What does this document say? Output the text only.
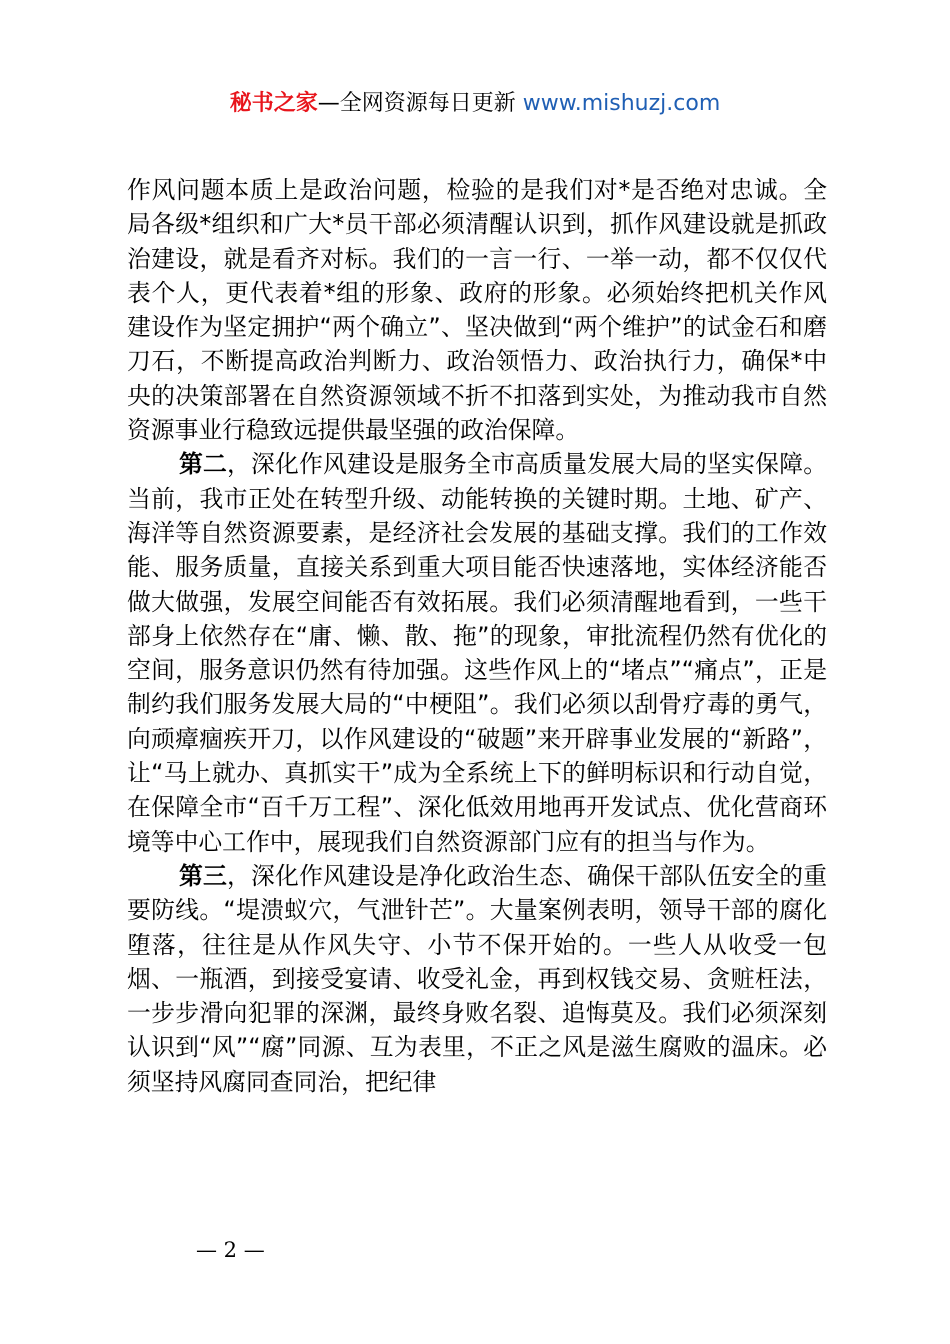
秘书之家—全网资源每日更新 www.mishuzj.com

作风问题本质上是政治问题，检验的是我们对*是否绝对忠诚。全局各级*组织和广大*员干部必须清醒认识到，抓作风建设就是抓政治建设，就是看齐对标。我们的一言一行、一举一动，都不仅仅代表个人，更代表着*组的形象、政府的形象。必须始终把机关作风建设作为坚定拥护“两个确立”、坚决做到“两个维护”的试金石和磨刀石，不断提高政治判断力、政治领悟力、政治执行力，确保*中央的决策部署在自然资源领域不折不扣落到实处，为推动我市自然资源事业行稳致远提供最坚强的政治保障。

第二，深化作风建设是服务全市高质量发展大局的坚实保障。当前，我市正处在转型升级、动能转换的关键时期。土地、矿产、海洋等自然资源要素，是经济社会发展的基础支撑。我们的工作效能、服务质量，直接关系到重大项目能否快速落地，实体经济能否做大做强，发展空间能否有效拓展。我们必须清醒地看到，一些干部身上依然存在“庸、懒、散、拖”的现象，审批流程仍然有优化的空间，服务意识仍然有待加强。这些作风上的“堵点”“痛点”，正是制约我们服务发展大局的“中梗阻”。我们必须以刮骨疗毒的勇气，向顽瘴痼疾开刀，以作风建设的“破题”来开辟事业发展的“新路”，让“马上就办、真抓实干”成为全系统上下的鲜明标识和行动自觉，在保障全市“百千万工程”、深化低效用地再开发试点、优化营商环境等中心工作中，展现我们自然资源部门应有的担当与作为。

第三，深化作风建设是净化政治生态、确保干部队伍安全的重要防线。“堤溃蚁穴，气泄针芒”。大量案例表明，领导干部的腐化堕落，往往是从作风失守、小节不保开始的。一些人从收受一包烟、一瓶酒，到接受宴请、收受礼金，再到权钱交易、贪赃枉法，一步步滑向犯罪的深渊，最终身败名裂、追悔莫及。我们必须深刻认识到“风”“腐”同源、互为表里，不正之风是滋生腐败的温床。必须坚持风腐同查同治，把纪律

— 2 —
